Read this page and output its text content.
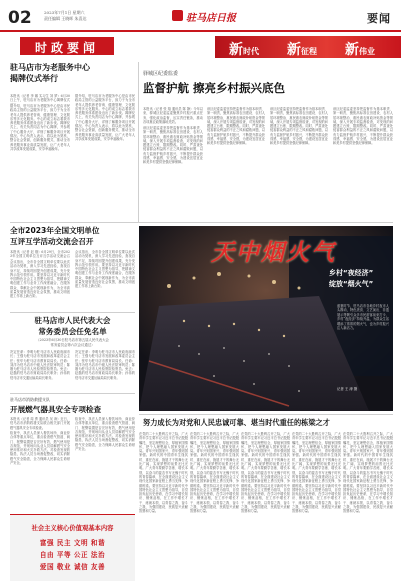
02	2023年7月1日 星期六
责任编辑 王晓晖 朱喜达	驻马店日报	要闻
时政要闻	新时代 新征程 新伟业
驻马店市为老服务中心
揭牌仪式举行
本报讯（记者 李 娜 实习生 刘 梦）6月30日上午，驻马店市为老服务中心揭牌仪式
据介绍，驻马店市为老服务中心是由市民政局主管的公益服务平台，致力于为全市老年人提供养老咨询、健康管理、文化娱乐等多元化服务。中心的成立标志着我市养老服务体系建设迈出了新步伐。揭牌仪式上，有关负责同志为中心揭牌，并参观了中心服务大厅，详细了解服务项目开展情况。中心负责人表示，将以此为契机，整合社会资源，创新服务模式，推动全市养老服务事业高质量发展，让广大老年人共享改革发展成果，安享幸福晚年。
据介绍，驻马店市为老服务中心是由市民政局主管的公益服务平台，致力于为全市老年人提供养老咨询、健康管理、文化娱乐等多元化服务。中心的成立标志着我市养老服务体系建设迈出了新步伐。揭牌仪式上，有关负责同志为中心揭牌，并参观了中心服务大厅，详细了解服务项目开展情况。中心负责人表示，将以此为契机，整合社会资源，创新服务模式，推动全市养老服务事业高质量发展，让广大老年人共享改革发展成果，安享幸福晚年。
驿城区纪委监委
监督护航 擦亮乡村振兴底色
本报讯（记者 张 翔 通讯员 陈 静）今年以来，驿城区纪委监委聚焦乡村振兴重点任务，强化政治监督，压实责任链条，推动各项惠农政策落地见效。
该区纪委监委坚持把监督作为基本职责、第一职责，聚焦高标准农田建设、农村人居环境整治、惠民惠农财政补贴资金等领域，深入开展专项监督检查，对发现的问题建立台账、限期整改。同时，严肃查处侵害群众利益的不正之风和腐败问题，以有力监督护航乡村振兴，不断提升群众获得感、幸福感、安全感，为建设宜居宜业和美乡村提供坚强纪律保障。
该区纪委监委坚持把监督作为基本职责、第一职责，聚焦高标准农田建设、农村人居环境整治、惠民惠农财政补贴资金等领域，深入开展专项监督检查，对发现的问题建立台账、限期整改。同时，严肃查处侵害群众利益的不正之风和腐败问题，以有力监督护航乡村振兴，不断提升群众获得感、幸福感、安全感，为建设宜居宜业和美乡村提供坚强纪律保障。
该区纪委监委坚持把监督作为基本职责、第一职责，聚焦高标准农田建设、农村人居环境整治、惠民惠农财政补贴资金等领域，深入开展专项监督检查，对发现的问题建立台账、限期整改。同时，严肃查处侵害群众利益的不正之风和腐败问题，以有力监督护航乡村振兴，不断提升群众获得感、幸福感、安全感，为建设宜居宜业和美乡村提供坚强纪律保障。
该区纪委监委坚持把监督作为基本职责、第一职责，聚焦高标准农田建设、农村人居环境整治、惠民惠农财政补贴资金等领域，深入开展专项监督检查，对发现的问题建立台账、限期整改。同时，严肃查处侵害群众利益的不正之风和腐败问题，以有力监督护航乡村振兴，不断提升群众获得感、幸福感、安全感，为建设宜居宜业和美乡村提供坚强纪律保障。
全市2023年全国文明单位
互评互学活动交流会召开
本报讯（记者 赵 刚）6月29日，全市2023年全国文明单位互评互学活动交流会召
会议指出，全市各全国文明单位要以此次活动为契机，深入学习先进经验，查找自身不足，持续巩固提升创建成果，充分发挥示范引领作用。要坚持以习近平新时代中国特色社会主义思想为指导，把精神文明创建工作与业务工作深度融合，在服务群众、奉献社会中展现新作为，为全市高质量发展营造良好社会氛围，推动文明创建工作再上新台阶。
会议指出，全市各全国文明单位要以此次活动为契机，深入学习先进经验，查找自身不足，持续巩固提升创建成果，充分发挥示范引领作用。要坚持以习近平新时代中国特色社会主义思想为指导，把精神文明创建工作与业务工作深度融合，在服务群众、奉献社会中展现新作为，为全市高质量发展营造良好社会氛围，推动文明创建工作再上新台阶。
驻马店市人民代表大会
常务委员会任免名单
（2023年6月30日驻马店市第五届人民代表大会
常务委员会第六次会议通过）
决定任命：李明为驻马店市人民政府副市长；王强为驻马店市发展和改革委员会主任；张华为驻马店市教育局局长。任命：刘洋为驻马店市中级人民法院审判员；陈刚为驻马店市人民检察院检察员。免去：赵磊的驻马店市财政局局长职务；孙伟的驻马店市交通运输局局长职务。
决定任命：李明为驻马店市人民政府副市长；王强为驻马店市发展和改革委员会主任；张华为驻马店市教育局局长。任命：刘洋为驻马店市中级人民法院审判员；陈刚为驻马店市人民检察院检察员。免去：赵磊的驻马店市财政局局长职务；孙伟的驻马店市交通运输局局长职务。
驻马店市消防救援支队
开展燃气器具安全专项检查
本报讯（记者 周 勇 通讯员 吴 涛）近日，驻马店市消防救援支队联合相关部门开展燃气器具安全专项检查。
检查中，执法人员深入餐饮场所、商业综合体等重点单位，重点检查燃气管道、阀门、报警装置是否完好有效，燃气使用是否规范，并现场向从业人员讲解燃气安全使用常识和火灾扑救方法。对检查发现的隐患，执法人员当场督促整改，切实消除燃气安全隐患，全力保障人民群众生命财产安全。
检查中，执法人员深入餐饮场所、商业综合体等重点单位，重点检查燃气管道、阀门、报警装置是否完好有效，燃气使用是否规范，并现场向从业人员讲解燃气安全使用常识和火灾扑救方法。对检查发现的隐患，执法人员当场督促整改，切实消除燃气安全隐患，全力保障人民群众生命财产安全。
天中烟火气
乡村“夜经济”
绽放“烟火气”
盛夏时节，驻马店市各地乡村夜市人头攒动，特色美食、文艺演出、非遗展示等吸引众多市民游客前来打卡，乡村“夜经济”持续升温，为群众生活增添了浓浓的烟火气，也为乡村振兴注入新活力。
记者 王 涛 摄
努力成长为对党和人民忠诚可靠、堪当时代重任的栋梁之才
在党的二十大胜利召开之际，广大青年学生要牢记习近平总书记殷殷嘱托，坚定理想信念，厚植家国情怀，把个人理想融入国家发展大局。青年兴则国家兴，青年强则国家强。新时代的中国青年生逢其时、重任在肩，施展才干的舞台无比广阔，实现梦想的前景无比光明。广大青年要勤学苦练、增长本领，以奋斗的姿态书写无愧于时代的青春篇章，在全面建设社会主义现代化国家新征程上勇当先锋、争做栋梁。要坚持以习近平新时代中国特色社会主义思想为指导，自觉担负起历史使命，在学习中增长知识、锤炼品格，在工作中增长才干、练就本领，以青春之我、奋斗之我，为强国建设、民族复兴贡献智慧和力量。
在党的二十大胜利召开之际，广大青年学生要牢记习近平总书记殷殷嘱托，坚定理想信念，厚植家国情怀，把个人理想融入国家发展大局。青年兴则国家兴，青年强则国家强。新时代的中国青年生逢其时、重任在肩，施展才干的舞台无比广阔，实现梦想的前景无比光明。广大青年要勤学苦练、增长本领，以奋斗的姿态书写无愧于时代的青春篇章，在全面建设社会主义现代化国家新征程上勇当先锋、争做栋梁。要坚持以习近平新时代中国特色社会主义思想为指导，自觉担负起历史使命，在学习中增长知识、锤炼品格，在工作中增长才干、练就本领，以青春之我、奋斗之我，为强国建设、民族复兴贡献智慧和力量。
在党的二十大胜利召开之际，广大青年学生要牢记习近平总书记殷殷嘱托，坚定理想信念，厚植家国情怀，把个人理想融入国家发展大局。青年兴则国家兴，青年强则国家强。新时代的中国青年生逢其时、重任在肩，施展才干的舞台无比广阔，实现梦想的前景无比光明。广大青年要勤学苦练、增长本领，以奋斗的姿态书写无愧于时代的青春篇章，在全面建设社会主义现代化国家新征程上勇当先锋、争做栋梁。要坚持以习近平新时代中国特色社会主义思想为指导，自觉担负起历史使命，在学习中增长知识、锤炼品格，在工作中增长才干、练就本领，以青春之我、奋斗之我，为强国建设、民族复兴贡献智慧和力量。
在党的二十大胜利召开之际，广大青年学生要牢记习近平总书记殷殷嘱托，坚定理想信念，厚植家国情怀，把个人理想融入国家发展大局。青年兴则国家兴，青年强则国家强。新时代的中国青年生逢其时、重任在肩，施展才干的舞台无比广阔，实现梦想的前景无比光明。广大青年要勤学苦练、增长本领，以奋斗的姿态书写无愧于时代的青春篇章，在全面建设社会主义现代化国家新征程上勇当先锋、争做栋梁。要坚持以习近平新时代中国特色社会主义思想为指导，自觉担负起历史使命，在学习中增长知识、锤炼品格，在工作中增长才干、练就本领，以青春之我、奋斗之我，为强国建设、民族复兴贡献智慧和力量。
在党的二十大胜利召开之际，广大青年学生要牢记习近平总书记殷殷嘱托，坚定理想信念，厚植家国情怀，把个人理想融入国家发展大局。青年兴则国家兴，青年强则国家强。新时代的中国青年生逢其时、重任在肩，施展才干的舞台无比广阔，实现梦想的前景无比光明。广大青年要勤学苦练、增长本领，以奋斗的姿态书写无愧于时代的青春篇章，在全面建设社会主义现代化国家新征程上勇当先锋、争做栋梁。要坚持以习近平新时代中国特色社会主义思想为指导，自觉担负起历史使命，在学习中增长知识、锤炼品格，在工作中增长才干、练就本领，以青春之我、奋斗之我，为强国建设、民族复兴贡献智慧和力量。
社会主义核心价值观基本内容
富强 民主 文明 和谐
自由 平等 公正 法治
爱国 敬业 诚信 友善
